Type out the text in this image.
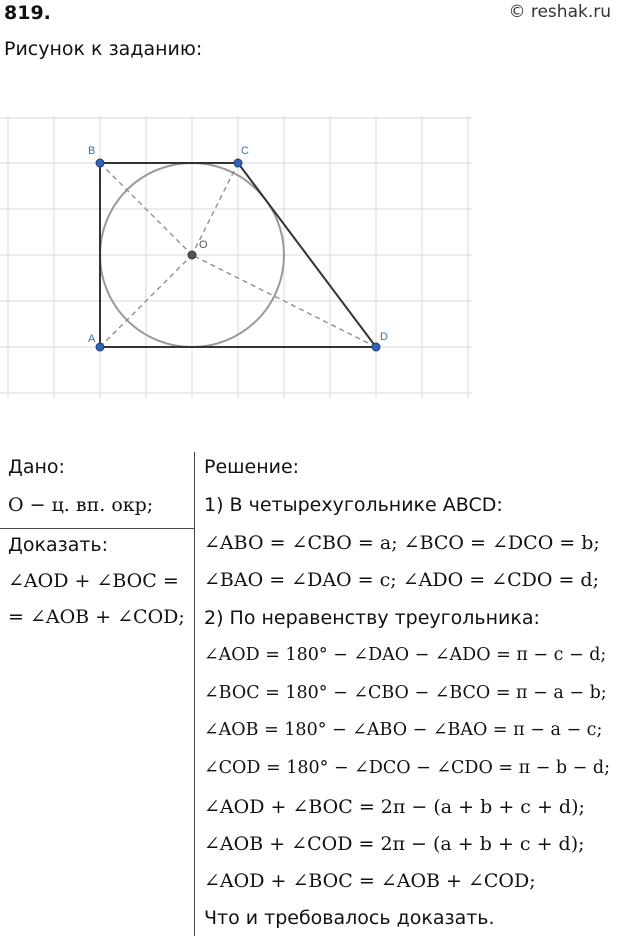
819.	© reshak.ru
Рисунок к заданию:
A
B	C
D
O
Дано:
O − ц. вп. окр;
Доказать:
∠AOD + ∠BOC =
= ∠AOB + ∠COD;
Решение:
1) В четырехугольнике ABCD:
∠ABO = ∠CBO = a; ∠BCO = ∠DCO = b;
∠BAO = ∠DAO = c; ∠ADO = ∠CDO = d;
2) По неравенству треугольника:
∠AOD = 180° − ∠DAO − ∠ADO = π − c − d;
∠BOC = 180° − ∠CBO − ∠BCO = π − a − b;
∠AOB = 180° − ∠ABO − ∠BAO = π − a − c;
∠COD = 180° − ∠DCO − ∠CDO = π − b − d;
∠AOD + ∠BOC = 2π − (a + b + c + d);
∠AOB + ∠COD = 2π − (a + b + c + d);
∠AOD + ∠BOC = ∠AOB + ∠COD;
Что и требовалось доказать.
